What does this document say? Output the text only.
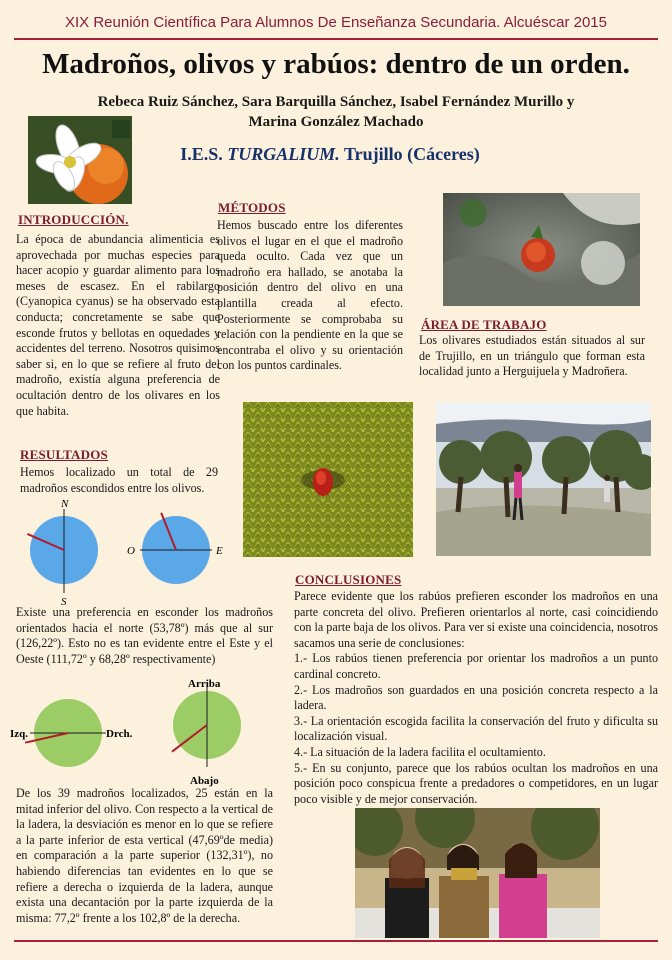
XIX Reunión Científica Para Alumnos De Enseñanza Secundaria. Alcuéscar 2015
Madroños, olivos y rabúos: dentro de un orden.
Rebeca Ruiz Sánchez, Sara Barquilla Sánchez, Isabel Fernández Murillo y
Marina González Machado
I.E.S. TURGALIUM. Trujillo (Cáceres)
INTRODUCCIÓN.
La época de abundancia alimenticia es aprovechada por muchas especies para hacer acopio y guardar alimento para los meses de escasez. En el rabilargo (Cyanopica cyanus) se ha observado esta conducta; concretamente se sabe que esconde frutos y bellotas en oquedades y accidentes del terreno. Nosotros quisimos saber si, en lo que se refiere al fruto del madroño, existía alguna preferencia de ocultación dentro de los olivares en los que habita.
MÉTODOS
Hemos buscado entre los diferentes olivos el lugar en el que el madroño queda oculto. Cada vez que un madroño era hallado, se anotaba la posición dentro del olivo en una plantilla creada al efecto. Posteriormente se comprobaba su relación con la pendiente en la que se encontraba el olivo y su orientación con los puntos cardinales.
ÁREA DE TRABAJO
Los olivares estudiados están situados al sur de Trujillo, en un triángulo que forman esta localidad junto a Herguijuela y Madroñera.
RESULTADOS
Hemos localizado un total de 29 madroños escondidos entre los olivos.
N
S
O	E
Existe una preferencia en esconder los madroños orientados hacia el norte (53,78º) más que al sur (126,22º). Esto no es tan evidente entre el Este y el Oeste (111,72º y 68,28º respectivamente)
Izq.	Drch.
Arriba
Abajo
De los 39 madroños localizados, 25 están en la mitad inferior del olivo. Con respecto a la vertical de la ladera, la desviación es menor en lo que se refiere a la parte inferior de esta vertical (47,69ºde media) en comparación a la parte superior (132,31º), no habiendo diferencias tan evidentes en lo que se refiere a derecha o izquierda de la ladera, aunque exista una decantación por la parte izquierda de la misma: 77,2º frente a los 102,8º de la derecha.
CONCLUSIONES
Parece evidente que los rabúos prefieren esconder los madroños en una parte concreta del olivo. Prefieren orientarlos al norte, casi coincidiendo con la parte baja de los olivos. Para ver si existe una coincidencia, nosotros sacamos una serie de conclusiones:
1.- Los rabúos tienen preferencia por orientar los madroños a un punto cardinal concreto.
2.- Los madroños son guardados en una posición concreta respecto a la ladera.
3.- La orientación escogida facilita la conservación del fruto y dificulta su localización visual.
4.- La situación de la ladera facilita el ocultamiento.
5.- En su conjunto, parece que los rabúos ocultan los madroños en una posición poco conspicua frente a predadores o competidores, en un lugar poco visible y de mejor conservación.
